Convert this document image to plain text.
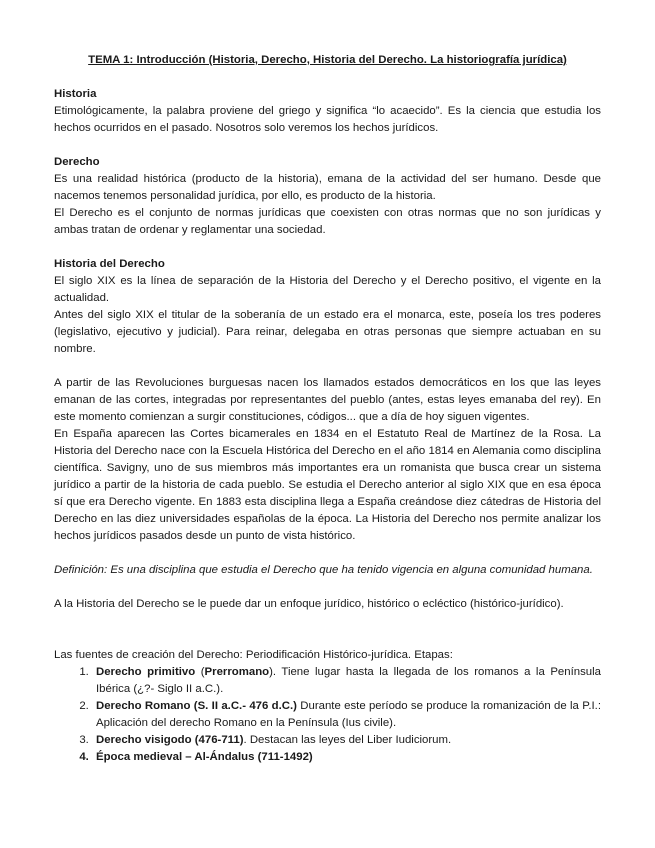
TEMA 1: Introducción (Historia, Derecho, Historia del Derecho. La historiografía jurídica)
Historia

Etimológicamente, la palabra proviene del griego y significa “lo acaecido”. Es la ciencia que estudia los hechos ocurridos en el pasado. Nosotros solo veremos los hechos jurídicos.

Derecho

Es una realidad histórica (producto de la historia), emana de la actividad del ser humano. Desde que nacemos tenemos personalidad jurídica, por ello, es producto de la historia.

El Derecho es el conjunto de normas jurídicas que coexisten con otras normas que no son jurídicas y ambas tratan de ordenar y reglamentar una sociedad.

Historia del Derecho

El siglo XIX es la línea de separación de la Historia del Derecho y el Derecho positivo, el vigente en la actualidad.

Antes del siglo XIX el titular de la soberanía de un estado era el monarca, este, poseía los tres poderes (legislativo, ejecutivo y judicial). Para reinar, delegaba en otras personas que siempre actuaban en su nombre.

A partir de las Revoluciones burguesas nacen los llamados estados democráticos en los que las leyes emanan de las cortes, integradas por representantes del pueblo (antes, estas leyes emanaba del rey). En este momento comienzan a surgir constituciones, códigos... que a día de hoy siguen vigentes.

En España aparecen las Cortes bicamerales en 1834 en el Estatuto Real de Martínez de la Rosa. La Historia del Derecho nace con la Escuela Histórica del Derecho en el año 1814 en Alemania como disciplina científica. Savigny, uno de sus miembros más importantes era un romanista que busca crear un sistema jurídico a partir de la historia de cada pueblo. Se estudia el Derecho anterior al siglo XIX que en esa época sí que era Derecho vigente. En 1883 esta disciplina llega a España creándose diez cátedras de Historia del Derecho en las diez universidades españolas de la época. La Historia del Derecho nos permite analizar los hechos jurídicos pasados desde un punto de vista histórico.

Definición: Es una disciplina que estudia el Derecho que ha tenido vigencia en alguna comunidad humana.

A la Historia del Derecho se le puede dar un enfoque jurídico, histórico o ecléctico (histórico-jurídico).

Las fuentes de creación del Derecho: Periodificación Histórico-jurídica. Etapas:

1. Derecho primitivo (Prerromano). Tiene lugar hasta la llegada de los romanos a la Península Ibérica (¿?- Siglo II a.C.).
2. Derecho Romano (S. II a.C.- 476 d.C.) Durante este período se produce la romanización de la P.I.: Aplicación del derecho Romano en la Península (Ius civile).
3. Derecho visigodo (476-711). Destacan las leyes del Liber Iudiciorum.
4. Época medieval – Al-Ándalus (711-1492)
